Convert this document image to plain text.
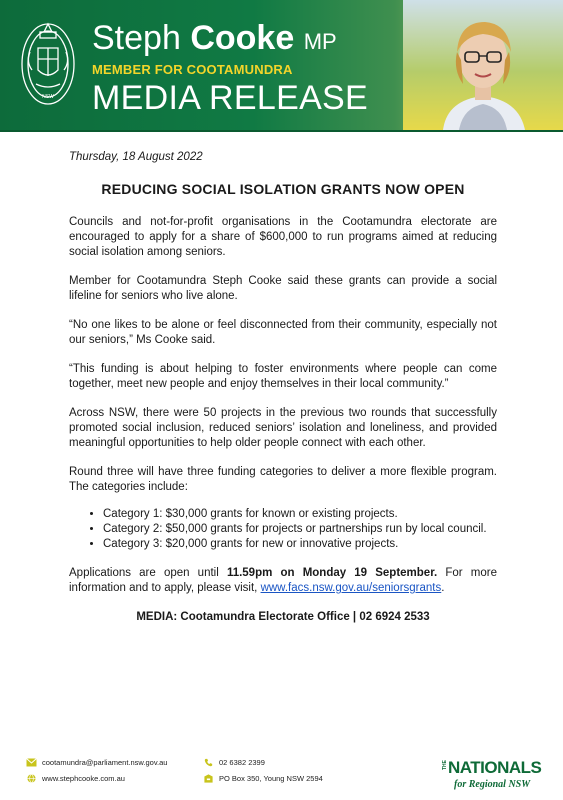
NSW
Steph Cooke MP
MEMBER FOR COOTAMUNDRA
MEDIA RELEASE
Thursday, 18 August 2022
REDUCING SOCIAL ISOLATION GRANTS NOW OPEN

Councils and not-for-profit organisations in the Cootamundra electorate are encouraged to apply for a share of $600,000 to run programs aimed at reducing social isolation among seniors.

Member for Cootamundra Steph Cooke said these grants can provide a social lifeline for seniors who live alone.

“No one likes to be alone or feel disconnected from their community, especially not our seniors,” Ms Cooke said.

“This funding is about helping to foster environments where people can come together, meet new people and enjoy themselves in their local community.”

Across NSW, there were 50 projects in the previous two rounds that successfully promoted social inclusion, reduced seniors’ isolation and loneliness, and provided meaningful opportunities to help older people connect with each other.

Round three will have three funding categories to deliver a more flexible program. The categories include:

• Category 1: $30,000 grants for known or existing projects.
• Category 2: $50,000 grants for projects or partnerships run by local council.
• Category 3: $20,000 grants for new or innovative projects.

Applications are open until 11.59pm on Monday 19 September. For more information and to apply, please visit, www.facs.nsw.gov.au/seniorsgrants.

MEDIA: Cootamundra Electorate Office | 02 6924 2533
cootamundra@parliament.nsw.gov.au
www.stephcooke.com.au
02 6382 2399
PO Box 350, Young NSW 2594
THE NATIONALS
for Regional NSW
